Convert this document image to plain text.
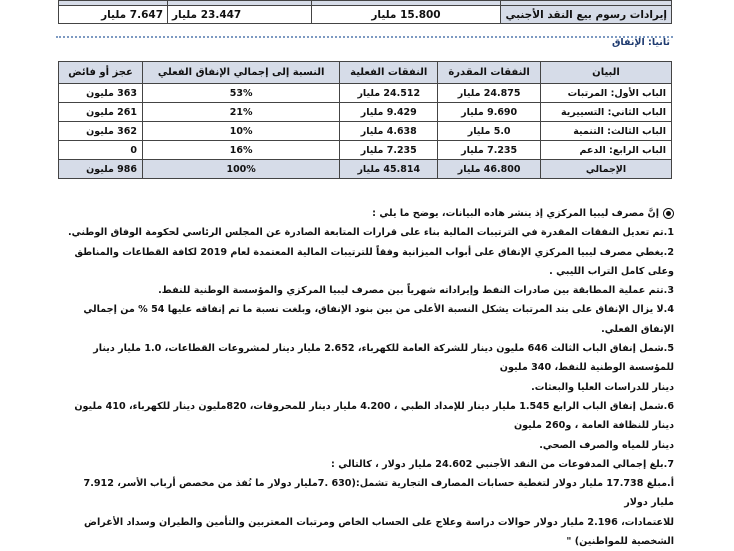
7.647 مليار	23.447 مليار	15.800 مليار	إيرادات رسوم بيع النقد الأجنبي
ثانيا: الإنفاق
البيان	النفقات المقدرة	النفقات الفعلية	النسبة إلى إجمالي الإنفاق الفعلي	عجز أو فائض
الباب الأول: المرتبات	24.875 مليار	24.512 مليار	53%	363 مليون
الباب الثاني: التسييرية	9.690 مليار	9.429 مليار	21%	261 مليون
الباب الثالث: التنمية	5.0 مليار	4.638 مليار	10%	362 مليون
الباب الرابع: الدعم	7.235 مليار	7.235 مليار	16%	0
الإجمالي	46.800 مليار	45.814 مليار	100%	986 مليون

إنَّ مصرف ليبيا المركزي إذ ينشر هاده البيانات، يوضح ما يلي :

1.تم تعديل النفقات المقدرة في الترتيبات المالية بناء على قرارات المتابعة الصادرة عن المجلس الرئاسي لحكومة الوفاق الوطني.

2.يغطي مصرف ليبيا المركزي الإنفاق على أبواب الميزانية وفقاً للترتيبات المالية المعتمدة لعام 2019 لكافة القطاعات والمناطق وعلى كامل التراب الليبي .

3.تتم عملية المطابقة بين صادرات النفط وإيراداته شهرياً بين مصرف ليبيا المركزي والمؤسسة الوطنية للنفط.

4.لا يزال الإنفاق على بند المرتبات يشكل النسبة الأعلى من بين بنود الإنفاق، وبلغت نسبة ما تم إنفاقه عليها 54 % من إجمالي الإنفاق الفعلي.

5.شمل إنفاق الباب الثالث 646 مليون دينار للشركة العامة للكهرباء، 2.652 مليار دينار لمشروعات القطاعات، 1.0 مليار دينار للمؤسسة الوطنية للنفط، 340 مليون

دينار للدراسات العليا والبعثات.

6.شمل إنفاق الباب الرابع 1.545 مليار دينار للإمداد الطبي ، 4.200 مليار دينار للمحروقات، 820مليون دينار للكهرباء، 410 مليون دينار للنظافة العامة ، و260 مليون

دينار للمياه والصرف الصحي.

7.بلغ إجمالي المدفوعات من النقد الأجنبي 24.602 مليار دولار ، كالتالي :

أ.مبلغ 17.738 مليار دولار لتغطية حسابات المصارف التجارية تشمل:(630 .7مليار دولار ما نُفذ من مخصص أرباب الأسر، 7.912 مليار دولار

للاعتمادات، 2.196 مليار دولار حوالات دراسة وعلاج على الحساب الخاص ومرتبات المعتربين والتأمين والطيران وسداد الأغراض الشخصية للمواطنين) "
